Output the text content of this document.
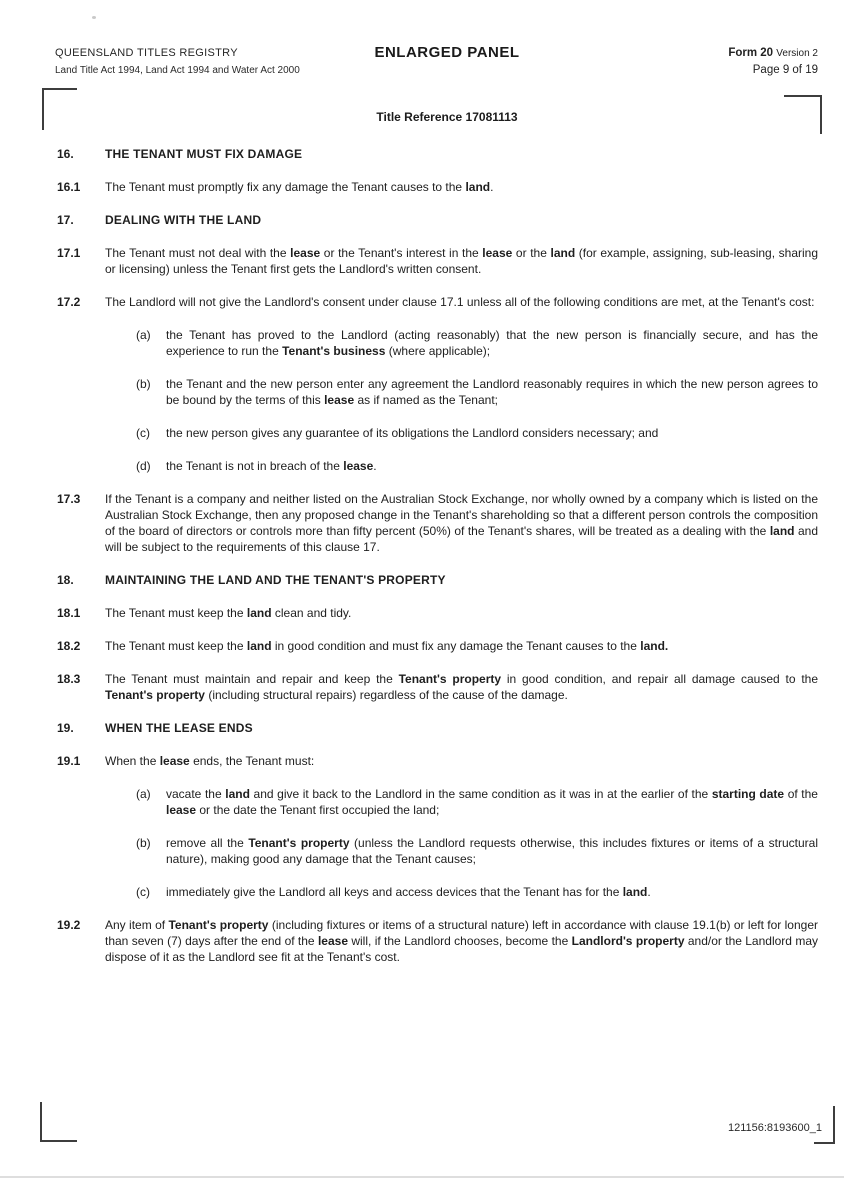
QUEENSLAND TITLES REGISTRY
Land Title Act 1994, Land Act 1994 and Water Act 2000
ENLARGED PANEL	Form 20 Version 2
Page 9 of 19
Title Reference 17081113
16.	THE TENANT MUST FIX DAMAGE
16.1	The Tenant must promptly fix any damage the Tenant causes to the land.
17.	DEALING WITH THE LAND
17.1	The Tenant must not deal with the lease or the Tenant's interest in the lease or the land (for example, assigning, sub-leasing, sharing or licensing) unless the Tenant first gets the Landlord's written consent.
17.2	The Landlord will not give the Landlord's consent under clause 17.1 unless all of the following conditions are met, at the Tenant's cost:
(a)	the Tenant has proved to the Landlord (acting reasonably) that the new person is financially secure, and has the experience to run the Tenant's business (where applicable);
(b)	the Tenant and the new person enter any agreement the Landlord reasonably requires in which the new person agrees to be bound by the terms of this lease as if named as the Tenant;
(c)	the new person gives any guarantee of its obligations the Landlord considers necessary; and
(d)	the Tenant is not in breach of the lease.
17.3	If the Tenant is a company and neither listed on the Australian Stock Exchange, nor wholly owned by a company which is listed on the Australian Stock Exchange, then any proposed change in the Tenant's shareholding so that a different person controls the composition of the board of directors or controls more than fifty percent (50%) of the Tenant's shares, will be treated as a dealing with the land and will be subject to the requirements of this clause 17.
18.	MAINTAINING THE LAND AND THE TENANT'S PROPERTY
18.1	The Tenant must keep the land clean and tidy.
18.2	The Tenant must keep the land in good condition and must fix any damage the Tenant causes to the land.
18.3	The Tenant must maintain and repair and keep the Tenant's property in good condition, and repair all damage caused to the Tenant's property (including structural repairs) regardless of the cause of the damage.
19.	WHEN THE LEASE ENDS
19.1	When the lease ends, the Tenant must:
(a)	vacate the land and give it back to the Landlord in the same condition as it was in at the earlier of the starting date of the lease or the date the Tenant first occupied the land;
(b)	remove all the Tenant's property (unless the Landlord requests otherwise, this includes fixtures or items of a structural nature), making good any damage that the Tenant causes;
(c)	immediately give the Landlord all keys and access devices that the Tenant has for the land.
19.2	Any item of Tenant's property (including fixtures or items of a structural nature) left in accordance with clause 19.1(b) or left for longer than seven (7) days after the end of the lease will, if the Landlord chooses, become the Landlord's property and/or the Landlord may dispose of it as the Landlord see fit at the Tenant's cost.
121156:8193600_1
